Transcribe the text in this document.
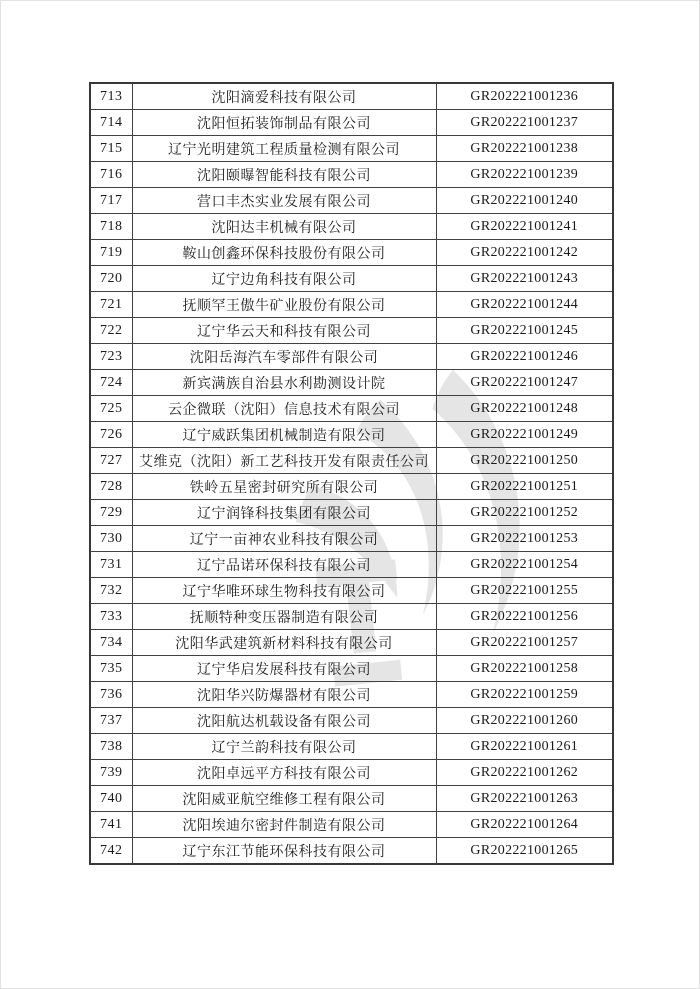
713	沈阳滴爱科技有限公司	GR202221001236
714	沈阳恒拓装饰制品有限公司	GR202221001237
715	辽宁光明建筑工程质量检测有限公司	GR202221001238
716	沈阳颐曝智能科技有限公司	GR202221001239
717	营口丰杰实业发展有限公司	GR202221001240
718	沈阳达丰机械有限公司	GR202221001241
719	鞍山创鑫环保科技股份有限公司	GR202221001242
720	辽宁边角科技有限公司	GR202221001243
721	抚顺罕王傲牛矿业股份有限公司	GR202221001244
722	辽宁华云天和科技有限公司	GR202221001245
723	沈阳岳海汽车零部件有限公司	GR202221001246
724	新宾满族自治县水利勘测设计院	GR202221001247
725	云企微联（沈阳）信息技术有限公司	GR202221001248
726	辽宁威跃集团机械制造有限公司	GR202221001249
727	艾维克（沈阳）新工艺科技开发有限责任公司	GR202221001250
728	铁岭五星密封研究所有限公司	GR202221001251
729	辽宁润锋科技集团有限公司	GR202221001252
730	辽宁一亩神农业科技有限公司	GR202221001253
731	辽宁品诺环保科技有限公司	GR202221001254
732	辽宁华唯环球生物科技有限公司	GR202221001255
733	抚顺特种变压器制造有限公司	GR202221001256
734	沈阳华武建筑新材料科技有限公司	GR202221001257
735	辽宁华启发展科技有限公司	GR202221001258
736	沈阳华兴防爆器材有限公司	GR202221001259
737	沈阳航达机载设备有限公司	GR202221001260
738	辽宁兰韵科技有限公司	GR202221001261
739	沈阳卓远平方科技有限公司	GR202221001262
740	沈阳威亚航空维修工程有限公司	GR202221001263
741	沈阳埃迪尔密封件制造有限公司	GR202221001264
742	辽宁东江节能环保科技有限公司	GR202221001265
